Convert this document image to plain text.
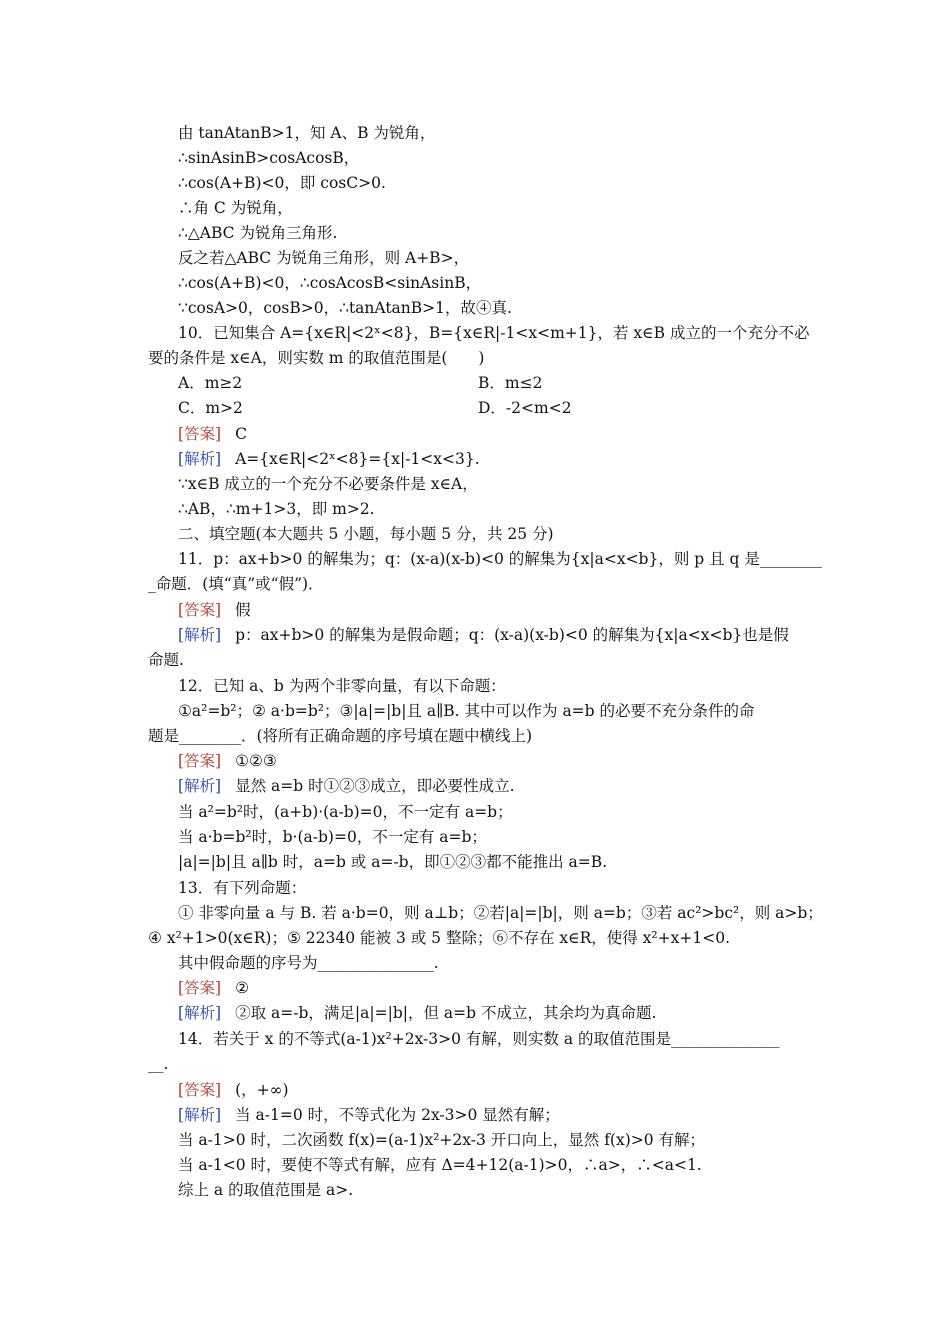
由 tanAtanB>1，知 A、B 为锐角，
∴sinAsinB>cosAcosB，
∴cos(A+B)<0，即 cosC>0.
∴角 C 为锐角，
∴△ABC 为锐角三角形.
反之若△ABC 为锐角三角形，则 A+B>，
∴cos(A+B)<0，∴cosAcosB<sinAsinB，
∵cosA>0，cosB>0，∴tanAtanB>1，故④真.
10．已知集合 A={x∈R|<2ˣ<8}，B={x∈R|-1<x<m+1}，若 x∈B 成立的一个充分不必
要的条件是 x∈A，则实数 m 的取值范围是(　　)
A．m≥2	B．m≤2
C．m>2	D．-2<m<2
[答案] C
[解析] A={x∈R|<2ˣ<8}={x|-1<x<3}.
∵x∈B 成立的一个充分不必要条件是 x∈A，
∴AB，∴m+1>3，即 m>2.
二、填空题(本大题共 5 小题，每小题 5 分，共 25 分)
11．p：ax+b>0 的解集为；q：(x-a)(x-b)<0 的解集为{x|a<x<b}，则 p 且 q 是________
_命题．(填“真”或“假”)．
[答案] 假
[解析] p：ax+b>0 的解集为是假命题；q：(x-a)(x-b)<0 的解集为{x|a<x<b}也是假
命题.
12．已知 a、b 为两个非零向量，有以下命题：
①a²=b²；② a·b=b²；③|a|=|b|且 a∥B. 其中可以作为 a=b 的必要不充分条件的命
题是________．(将所有正确命题的序号填在题中横线上)
[答案] ①②③
[解析] 显然 a=b 时①②③成立，即必要性成立.
当 a²=b²时，(a+b)·(a-b)=0，不一定有 a=b；
当 a·b=b²时，b·(a-b)=0，不一定有 a=b；
|a|=|b|且 a∥b 时，a=b 或 a=-b，即①②③都不能推出 a=B.
13．有下列命题：
① 非零向量 a 与 B. 若 a·b=0，则 a⊥b；②若|a|=|b|，则 a=b；③若 ac²>bc²，则 a>b；
④ x²+1>0(x∈R)；⑤ 22340 能被 3 或 5 整除；⑥不存在 x∈R，使得 x²+x+1<0.
其中假命题的序号为_______________.
[答案] ②
[解析] ②取 a=-b，满足|a|=|b|，但 a=b 不成立，其余均为真命题.
14．若关于 x 的不等式(a-1)x²+2x-3>0 有解，则实数 a 的取值范围是______________
__.
[答案] (，+∞)
[解析] 当 a-1=0 时，不等式化为 2x-3>0 显然有解；
当 a-1>0 时，二次函数 f(x)=(a-1)x²+2x-3 开口向上，显然 f(x)>0 有解；
当 a-1<0 时，要使不等式有解，应有 Δ=4+12(a-1)>0，∴a>，∴<a<1.
综上 a 的取值范围是 a>.
